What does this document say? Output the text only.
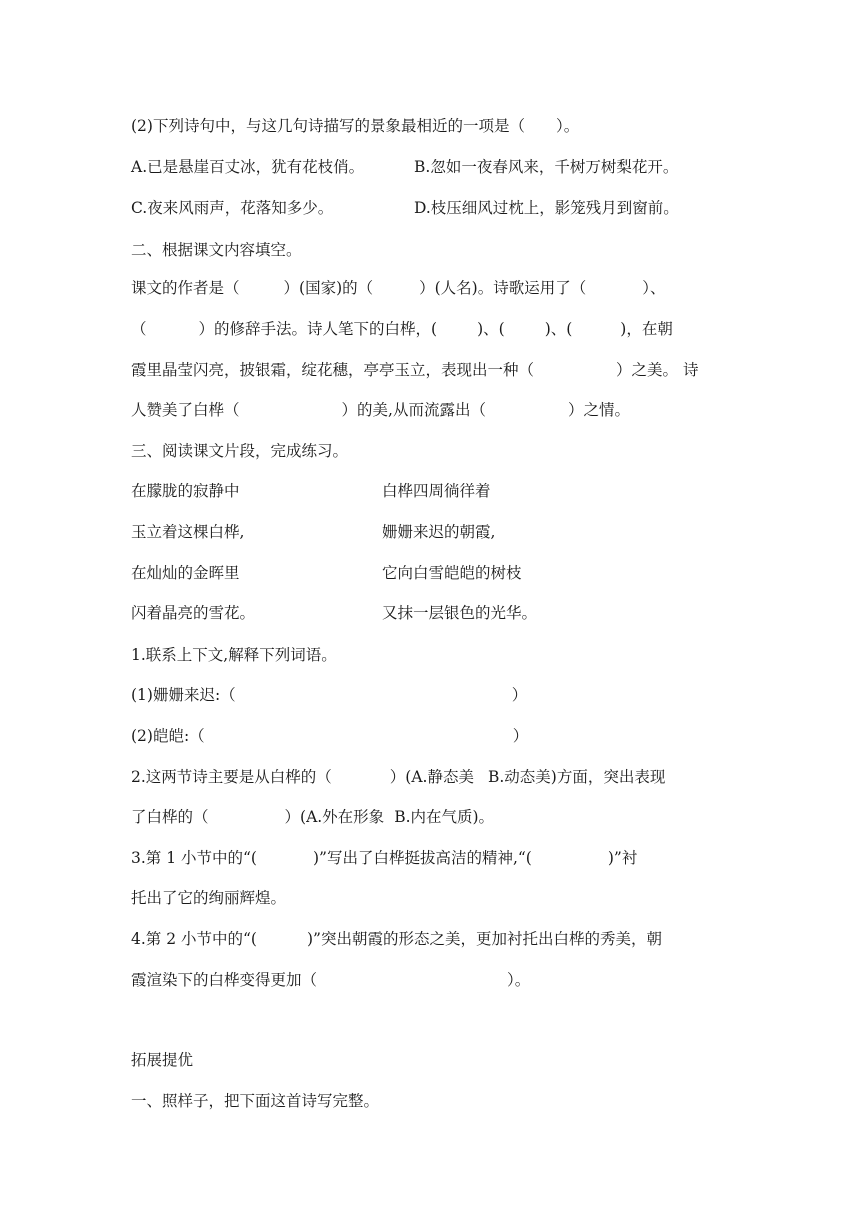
(2)下列诗句中，与这几句诗描写的景象最相近的一项是（　　）。
A.已是悬崖百丈冰，犹有花枝俏。	B.忽如一夜春风来，千树万树梨花开。
C.夜来风雨声，花落知多少。	D.枝压细风过枕上，影笼残月到窗前。
二、根据课文内容填空。
课文的作者是（	）(国家)的（	）(人名)。诗歌运用了（	）、
（	）的修辞手法。诗人笔下的白桦，(	)、(	)、(	)，在朝
霞里晶莹闪亮，披银霜，绽花穗，亭亭玉立，表现出一种（	）之美。 诗
人赞美了白桦（	）的美,从而流露出（	）之情。
三、阅读课文片段，完成练习。
在朦胧的寂静中	白桦四周徜徉着
玉立着这棵白桦,	姗姗来迟的朝霞,
在灿灿的金晖里	它向白雪皑皑的树枝
闪着晶亮的雪花。	又抹一层银色的光华。
1.联系上下文,解释下列词语。
(1)姗姗来迟:（	）
(2)皑皑:（	）
2.这两节诗主要是从白桦的（	）(A.静态美 B.动态美)方面，突出表现
了白桦的（	）(A.外在形象 B.内在气质)。
3.第 1 小节中的“(	)”写出了白桦挺拔高洁的精神,“(	)”衬
托出了它的绚丽辉煌。
4.第 2 小节中的“(	)”突出朝霞的形态之美，更加衬托出白桦的秀美，朝
霞渲染下的白桦变得更加（	）。
拓展提优
一、照样子，把下面这首诗写完整。
